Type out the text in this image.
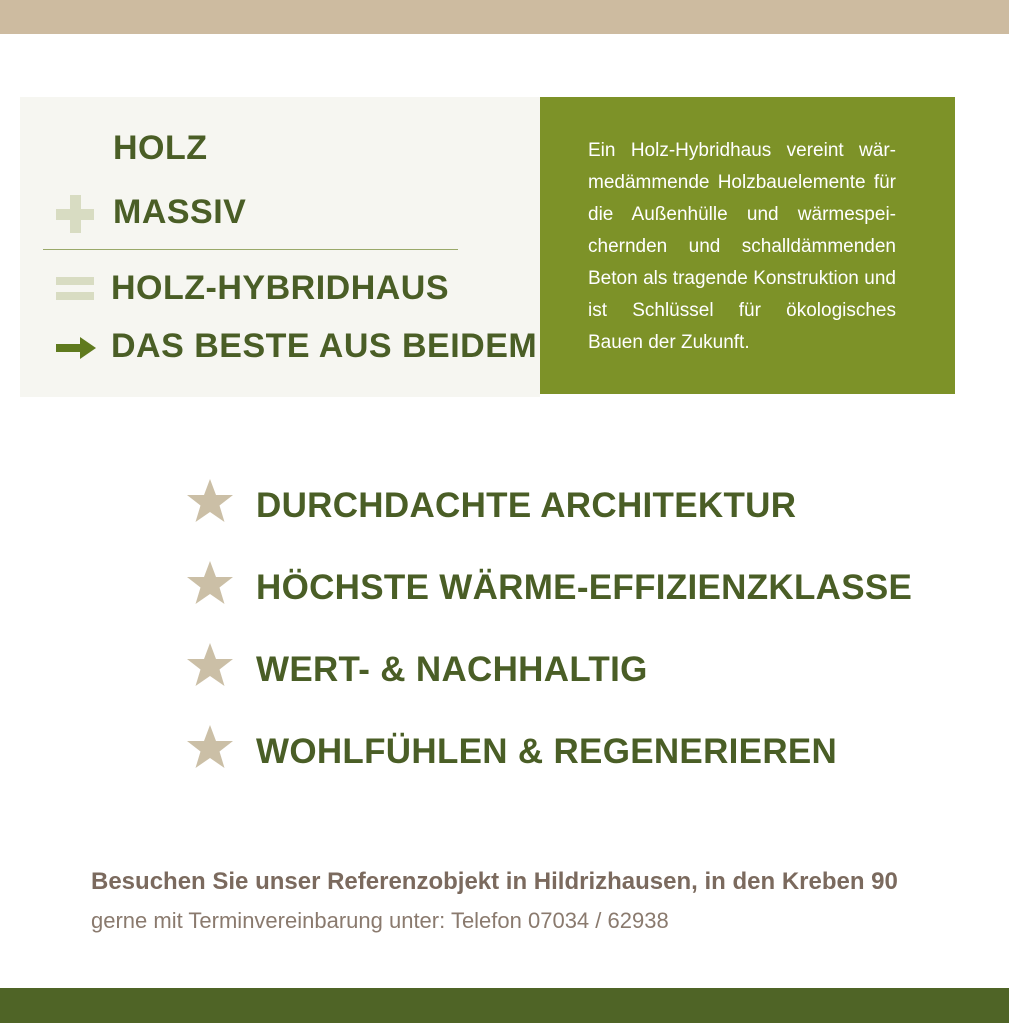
HOLZ
MASSIV
HOLZ-HYBRIDHAUS
DAS BESTE AUS BEIDEM
Ein Holz-Hybridhaus vereint wärmedämmende Holzbauelemente für die Außenhülle und wärmespeichernden und schalldämmenden Beton als tragende Konstruktion und ist Schlüssel für ökologisches Bauen der Zukunft.
DURCHDACHTE ARCHITEKTUR
HÖCHSTE WÄRME-EFFIZIENZKLASSE
WERT- & NACHHALTIG
WOHLFÜHLEN & REGENERIEREN
Besuchen Sie unser Referenzobjekt in Hildrizhausen, in den Kreben 90
gerne mit Terminvereinbarung unter: Telefon 07034 / 62938
